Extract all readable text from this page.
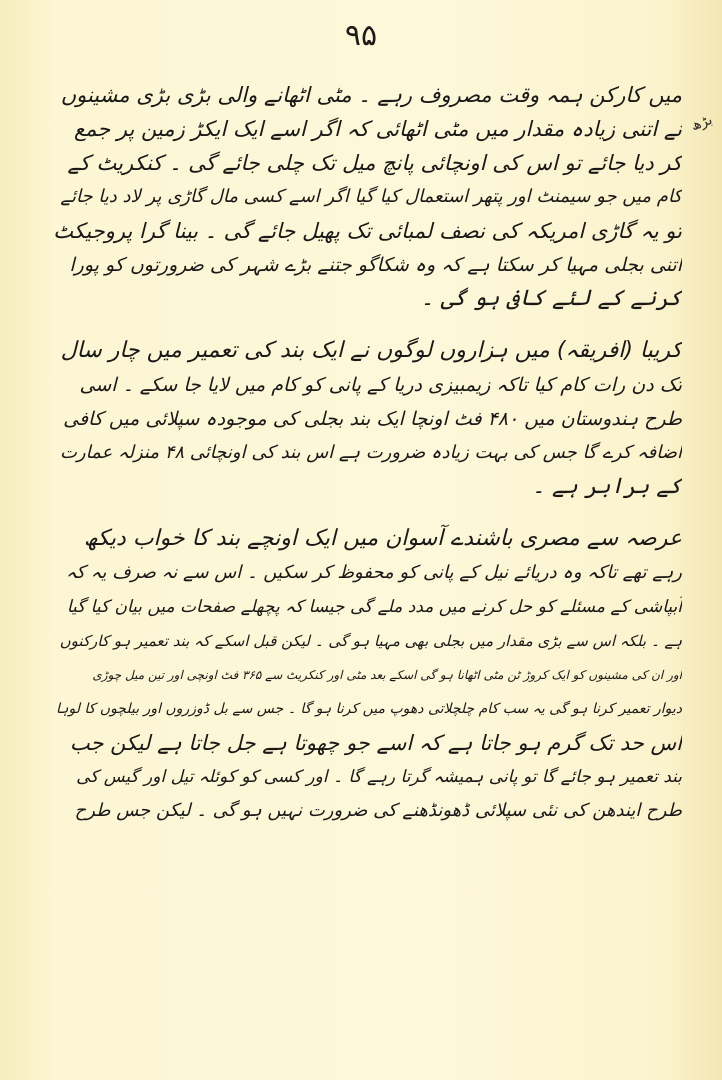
۹۵
بڑھ
میں کارکن ہمہ وقت مصروف رہے ۔ مٹی اٹھانے والی بڑی بڑی مشینوں
نے اتنی زیادہ مقدار میں مٹی اٹھائی کہ اگر اسے ایک ایکڑ زمین پر جمع
کر دیا جائے تو اس کی اونچائی پانچ میل تک چلی جائے گی ۔ کنکریٹ کے
کام میں جو سیمنٹ اور پتھر استعمال کیا گیا اگر اسے کسی مال گاڑی پر لاد دیا جائے
تو یہ گاڑی امریکہ کی نصف لمبائی تک پھیل جائے گی ۔ بینا گرا پروجیکٹ
اتنی بجلی مہیا کر سکتا ہے کہ وہ شکاگو جتنے بڑے شہر کی ضرورتوں کو پورا
کرنے کے لئے کافی ہو گی ۔
کریبا (افریقہ) میں ہزاروں لوگوں نے ایک بند کی تعمیر میں چار سال
تک دن رات کام کیا تاکہ زیمبیزی دریا کے پانی کو کام میں لایا جا سکے ۔ اسی
طرح ہندوستان میں ۴۸۰ فٹ اونچا ایک بند بجلی کی موجودہ سپلائی میں کافی
اضافہ کرے گا جس کی بہت زیادہ ضرورت ہے اس بند کی اونچائی ۴۸ منزلہ عمارت
کے برابر ہے ۔
عرصہ سے مصری باشندے آسوان میں ایک اونچے بند کا خواب دیکھ
رہے تھے تاکہ وہ دریائے نیل کے پانی کو محفوظ کر سکیں ۔ اس سے نہ صرف یہ کہ
آبپاشی کے مسئلے کو حل کرنے میں مدد ملے گی جیسا کہ پچھلے صفحات میں بیان کیا گیا
ہے ۔ بلکہ اس سے بڑی مقدار میں بجلی بھی مہیا ہو گی ۔ لیکن قبل اسکے کہ بند تعمیر ہو کارکنوں
اور ان کی مشینوں کو ایک کروڑ ٹن مٹی اٹھانا ہو گی اسکے بعد مٹی اور کنکریٹ سے ۳۶۵ فٹ اونچی اور تین میل چوڑی
دیوار تعمیر کرنا ہو گی یہ سب کام چلچلاتی دھوپ میں کرنا ہو گا ۔ جس سے بل ڈوزروں اور بیلچوں کا لوہا
اس حد تک گرم ہو جاتا ہے کہ اسے جو چھوتا ہے جل جاتا ہے لیکن جب
بند تعمیر ہو جائے گا تو پانی ہمیشہ گرتا رہے گا ۔ اور کسی کو کوئلہ تیل اور گیس کی
طرح ایندھن کی نئی سپلائی ڈھونڈھنے کی ضرورت نہیں ہو گی ۔ لیکن جس طرح
